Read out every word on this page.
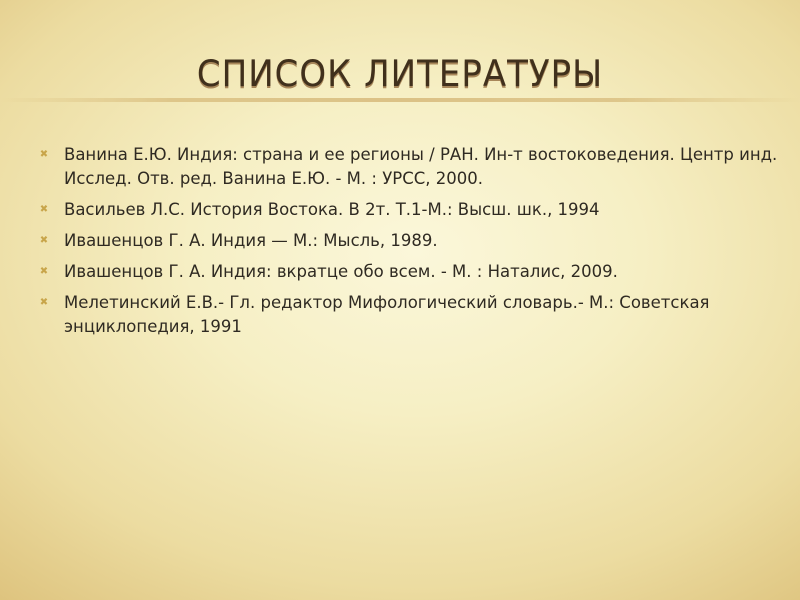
СПИСОК ЛИТЕРАТУРЫ
✖ Ванина Е.Ю. Индия: страна и ее регионы / РАН. Ин-т востоковедения. Центр инд. Исслед. Отв. ред. Ванина Е.Ю. - М. : УРСС, 2000.
✖ Васильев Л.С. История Востока. В 2т. Т.1-М.: Высш. шк., 1994
✖ Ивашенцов Г. А. Индия — М.: Мысль, 1989.
✖ Ивашенцов Г. А. Индия: вкратце обо всем. - М. : Наталис, 2009.
✖ Мелетинский Е.В.- Гл. редактор Мифологический словарь.- М.: Советская энциклопедия, 1991
